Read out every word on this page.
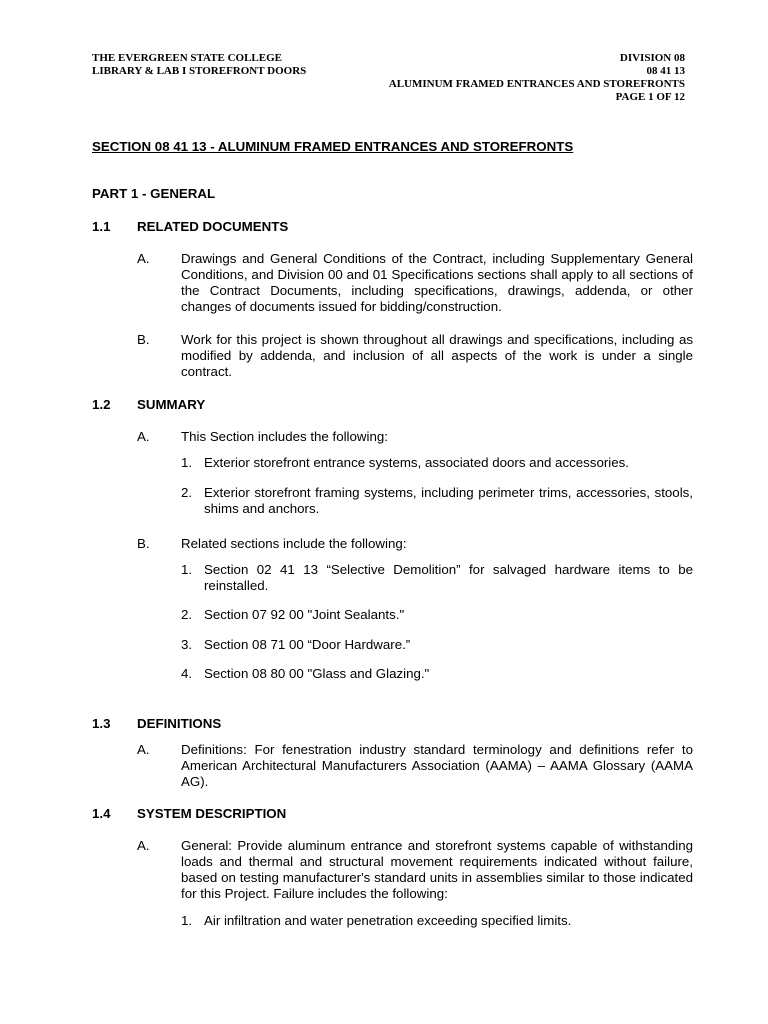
THE EVERGREEN STATE COLLEGE
LIBRARY & LAB I STOREFRONT DOORS
DIVISION 08
08 41 13
ALUMINUM FRAMED ENTRANCES AND STOREFRONTS
PAGE 1 OF 12
SECTION 08 41 13 - ALUMINUM FRAMED ENTRANCES AND STOREFRONTS
PART 1 - GENERAL
1.1 RELATED DOCUMENTS
A. Drawings and General Conditions of the Contract, including Supplementary General Conditions, and Division 00 and 01 Specifications sections shall apply to all sections of the Contract Documents, including specifications, drawings, addenda, or other changes of documents issued for bidding/construction.
B. Work for this project is shown throughout all drawings and specifications, including as modified by addenda, and inclusion of all aspects of the work is under a single contract.
1.2 SUMMARY
A. This Section includes the following:
1. Exterior storefront entrance systems, associated doors and accessories.
2. Exterior storefront framing systems, including perimeter trims, accessories, stools, shims and anchors.
B. Related sections include the following:
1. Section 02 41 13 “Selective Demolition” for salvaged hardware items to be reinstalled.
2. Section 07 92 00 "Joint Sealants."
3. Section 08 71 00 “Door Hardware.”
4. Section 08 80 00 "Glass and Glazing."
1.3 DEFINITIONS
A. Definitions: For fenestration industry standard terminology and definitions refer to American Architectural Manufacturers Association (AAMA) – AAMA Glossary (AAMA AG).
1.4 SYSTEM DESCRIPTION
A. General: Provide aluminum entrance and storefront systems capable of withstanding loads and thermal and structural movement requirements indicated without failure, based on testing manufacturer's standard units in assemblies similar to those indicated for this Project. Failure includes the following:
1. Air infiltration and water penetration exceeding specified limits.
